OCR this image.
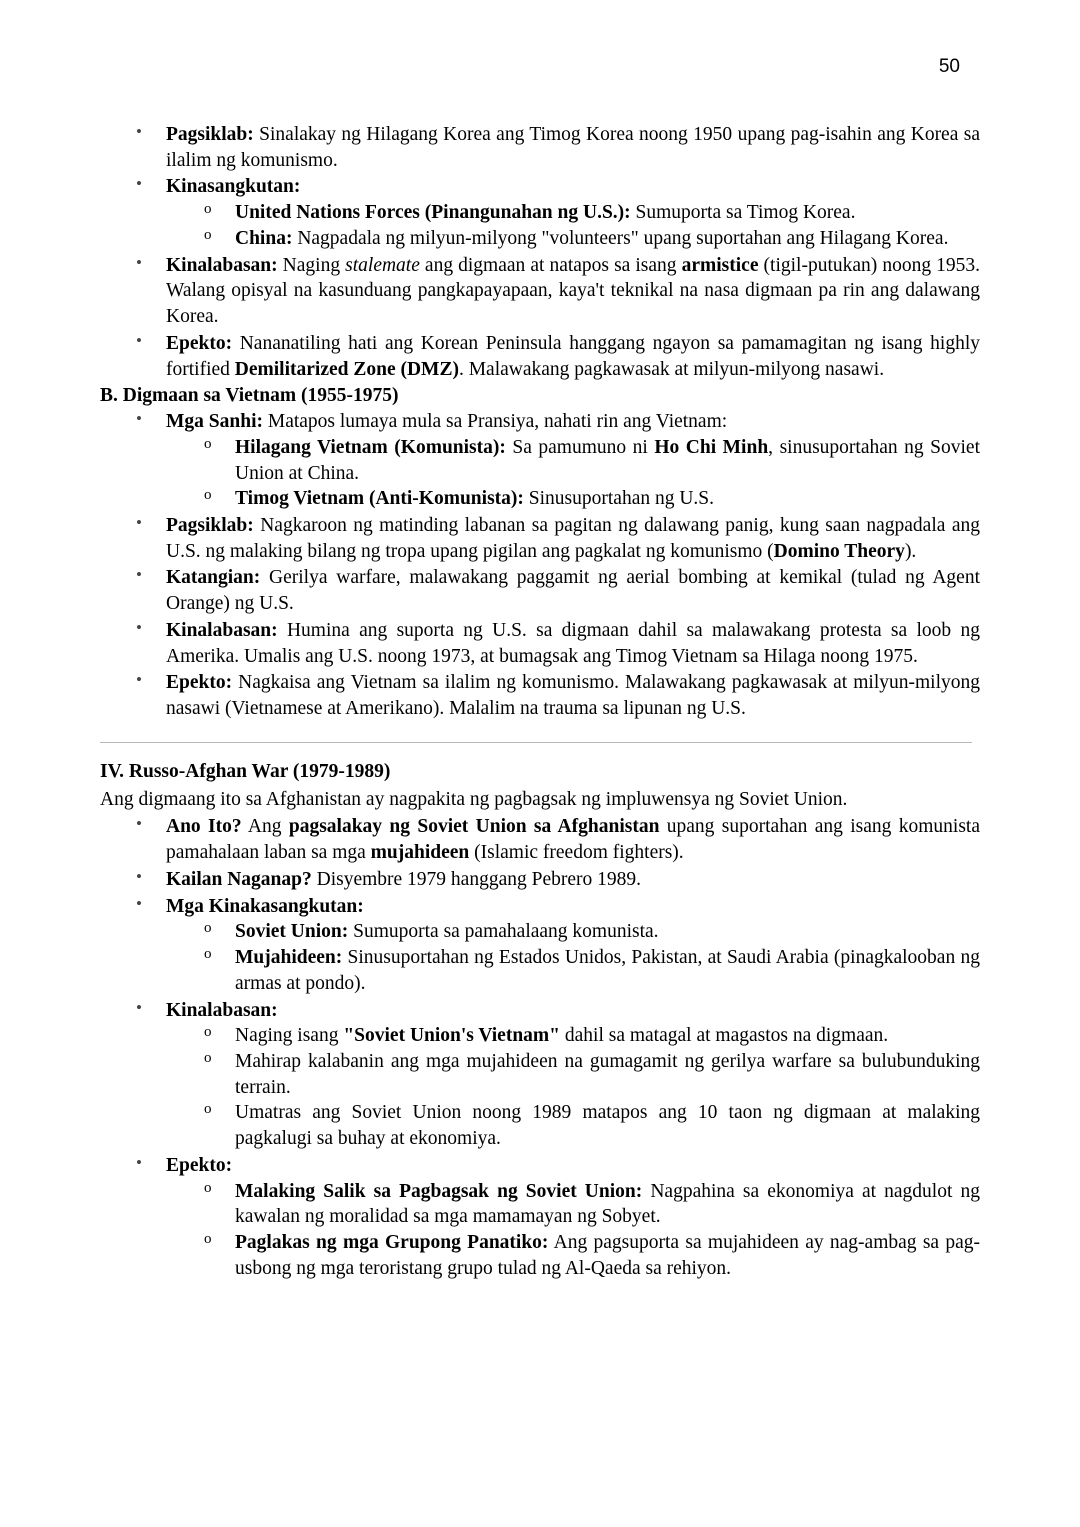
50
• Pagsiklab: Sinalakay ng Hilagang Korea ang Timog Korea noong 1950 upang pag-isahin ang Korea sa ilalim ng komunismo.
• Kinasangkutan:
o United Nations Forces (Pinangunahan ng U.S.): Sumuporta sa Timog Korea.
o China: Nagpadala ng milyun-milyong "volunteers" upang suportahan ang Hilagang Korea.
• Kinalabasan: Naging stalemate ang digmaan at natapos sa isang armistice (tigil-putukan) noong 1953. Walang opisyal na kasunduang pangkapayapaan, kaya't teknikal na nasa digmaan pa rin ang dalawang Korea.
• Epekto: Nananatiling hati ang Korean Peninsula hanggang ngayon sa pamamagitan ng isang highly fortified Demilitarized Zone (DMZ). Malawakang pagkawasak at milyun-milyong nasawi.
B. Digmaan sa Vietnam (1955-1975)
• Mga Sanhi: Matapos lumaya mula sa Pransiya, nahati rin ang Vietnam:
o Hilagang Vietnam (Komunista): Sa pamumuno ni Ho Chi Minh, sinusuportahan ng Soviet Union at China.
o Timog Vietnam (Anti-Komunista): Sinusuportahan ng U.S.
• Pagsiklab: Nagkaroon ng matinding labanan sa pagitan ng dalawang panig, kung saan nagpadala ang U.S. ng malaking bilang ng tropa upang pigilan ang pagkalat ng komunismo (Domino Theory).
• Katangian: Gerilya warfare, malawakang paggamit ng aerial bombing at kemikal (tulad ng Agent Orange) ng U.S.
• Kinalabasan: Humina ang suporta ng U.S. sa digmaan dahil sa malawakang protesta sa loob ng Amerika. Umalis ang U.S. noong 1973, at bumagsak ang Timog Vietnam sa Hilaga noong 1975.
• Epekto: Nagkaisa ang Vietnam sa ilalim ng komunismo. Malawakang pagkawasak at milyun-milyong nasawi (Vietnamese at Amerikano). Malalim na trauma sa lipunan ng U.S.
IV. Russo-Afghan War (1979-1989)
Ang digmaang ito sa Afghanistan ay nagpakita ng pagbagsak ng impluwensya ng Soviet Union.
• Ano Ito? Ang pagsalakay ng Soviet Union sa Afghanistan upang suportahan ang isang komunista pamahalaan laban sa mga mujahideen (Islamic freedom fighters).
• Kailan Naganap? Disyembre 1979 hanggang Pebrero 1989.
• Mga Kinakasangkutan:
o Soviet Union: Sumuporta sa pamahalaang komunista.
o Mujahideen: Sinusuportahan ng Estados Unidos, Pakistan, at Saudi Arabia (pinagkalooban ng armas at pondo).
• Kinalabasan:
o Naging isang "Soviet Union's Vietnam" dahil sa matagal at magastos na digmaan.
o Mahirap kalabanin ang mga mujahideen na gumagamit ng gerilya warfare sa bulubunduking terrain.
o Umatras ang Soviet Union noong 1989 matapos ang 10 taon ng digmaan at malaking pagkalugi sa buhay at ekonomiya.
• Epekto:
o Malaking Salik sa Pagbagsak ng Soviet Union: Nagpahina sa ekonomiya at nagdulot ng kawalan ng moralidad sa mga mamamayan ng Sobyet.
o Paglakas ng mga Grupong Panatiko: Ang pagsuporta sa mujahideen ay nag-ambag sa pag-usbong ng mga teroristang grupo tulad ng Al-Qaeda sa rehiyon.
